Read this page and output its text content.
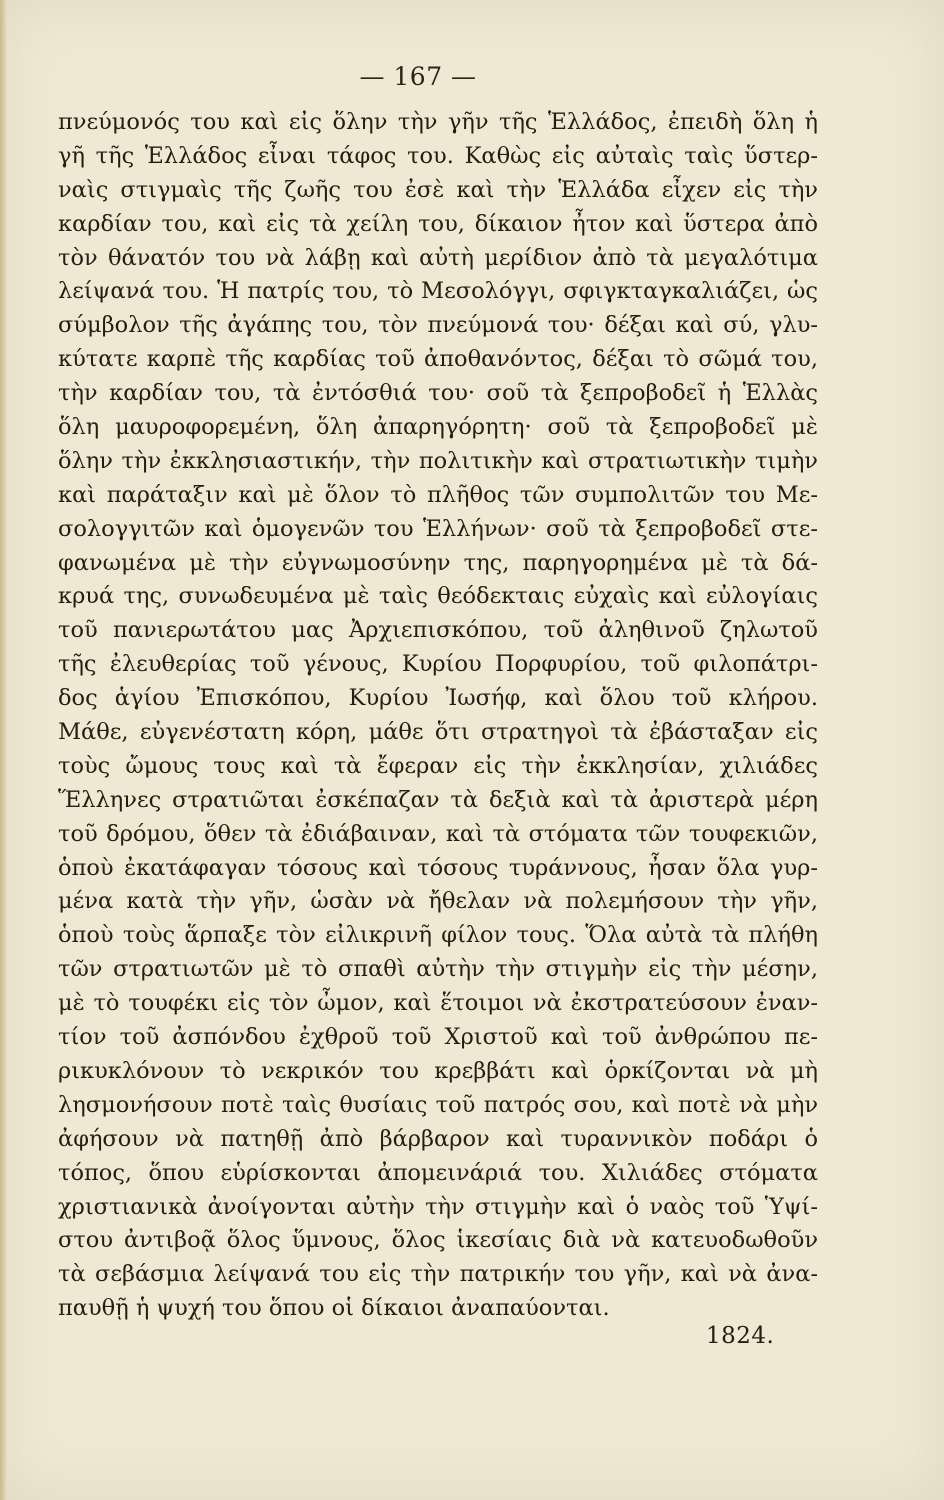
— 167 —
πνεύμονός του καὶ εἰς ὅλην τὴν γῆν τῆς Ἑλλάδος, ἐπειδὴ ὅλη ἡ
γῆ τῆς Ἑλλάδος εἶναι τάφος του. Καθὼς εἰς αὐταὶς ταὶς ὕστερ-
ναὶς στιγμαὶς τῆς ζωῆς του ἐσὲ καὶ τὴν Ἑλλάδα εἶχεν εἰς τὴν
καρδίαν του, καὶ εἰς τὰ χείλη του, δίκαιον ἦτον καὶ ὕστερα ἀπὸ
τὸν θάνατόν του νὰ λάβῃ καὶ αὐτὴ μερίδιον ἀπὸ τὰ μεγαλότιμα
λείψανά του. Ἡ πατρίς του, τὸ Μεσολόγγι, σφιγκταγκαλιάζει, ὡς
σύμβολον τῆς ἀγάπης του, τὸν πνεύμονά του· δέξαι καὶ σύ, γλυ-
κύτατε καρπὲ τῆς καρδίας τοῦ ἀποθανόντος, δέξαι τὸ σῶμά του,
τὴν καρδίαν του, τὰ ἐντόσθιά του· σοῦ τὰ ξεπροβοδεῖ ἡ Ἑλλὰς
ὅλη μαυροφορεμένη, ὅλη ἀπαρηγόρητη· σοῦ τὰ ξεπροβοδεῖ μὲ
ὅλην τὴν ἐκκλησιαστικήν, τὴν πολιτικὴν καὶ στρατιωτικὴν τιμὴν
καὶ παράταξιν καὶ μὲ ὅλον τὸ πλῆθος τῶν συμπολιτῶν του Με-
σολογγιτῶν καὶ ὁμογενῶν του Ἑλλήνων· σοῦ τὰ ξεπροβοδεῖ στε-
φανωμένα μὲ τὴν εὐγνωμοσύνην της, παρηγορημένα μὲ τὰ δά-
κρυά της, συνωδευμένα μὲ ταὶς θεόδεκταις εὐχαὶς καὶ εὐλογίαις
τοῦ πανιερωτάτου μας Ἀρχιεπισκόπου, τοῦ ἀληθινοῦ ζηλωτοῦ
τῆς ἐλευθερίας τοῦ γένους, Κυρίου Πορφυρίου, τοῦ φιλοπάτρι-
δος ἁγίου Ἐπισκόπου, Κυρίου Ἰωσήφ, καὶ ὅλου τοῦ κλήρου.
Μάθε, εὐγενέστατη κόρη, μάθε ὅτι στρατηγοὶ τὰ ἐβάσταξαν εἰς
τοὺς ὤμους τους καὶ τὰ ἔφεραν εἰς τὴν ἐκκλησίαν, χιλιάδες
Ἕλληνες στρατιῶται ἐσκέπαζαν τὰ δεξιὰ καὶ τὰ ἀριστερὰ μέρη
τοῦ δρόμου, ὅθεν τὰ ἐδιάβαιναν, καὶ τὰ στόματα τῶν τουφεκιῶν,
ὁποὺ ἐκατάφαγαν τόσους καὶ τόσους τυράννους, ἦσαν ὅλα γυρ-
μένα κατὰ τὴν γῆν, ὡσὰν νὰ ἤθελαν νὰ πολεμήσουν τὴν γῆν,
ὁποὺ τοὺς ἅρπαξε τὸν εἰλικρινῆ φίλον τους. Ὅλα αὐτὰ τὰ πλήθη
τῶν στρατιωτῶν μὲ τὸ σπαθὶ αὐτὴν τὴν στιγμὴν εἰς τὴν μέσην,
μὲ τὸ τουφέκι εἰς τὸν ὦμον, καὶ ἕτοιμοι νὰ ἐκστρατεύσουν ἐναν-
τίον τοῦ ἀσπόνδου ἐχθροῦ τοῦ Χριστοῦ καὶ τοῦ ἀνθρώπου πε-
ρικυκλόνουν τὸ νεκρικόν του κρεββάτι καὶ ὁρκίζονται νὰ μὴ
λησμονήσουν ποτὲ ταὶς θυσίαις τοῦ πατρός σου, καὶ ποτὲ νὰ μὴν
ἀφήσουν νὰ πατηθῇ ἀπὸ βάρβαρον καὶ τυραννικὸν ποδάρι ὁ
τόπος, ὅπου εὑρίσκονται ἀπομεινάριά του. Χιλιάδες στόματα
χριστιανικὰ ἀνοίγονται αὐτὴν τὴν στιγμὴν καὶ ὁ ναὸς τοῦ Ὑψί-
στου ἀντιβοᾷ ὅλος ὕμνους, ὅλος ἱκεσίαις διὰ νὰ κατευοδωθοῦν
τὰ σεβάσμια λείψανά του εἰς τὴν πατρικήν του γῆν, καὶ νὰ ἀνα-
παυθῇ ἡ ψυχή του ὅπου οἱ δίκαιοι ἀναπαύονται.
1824.
